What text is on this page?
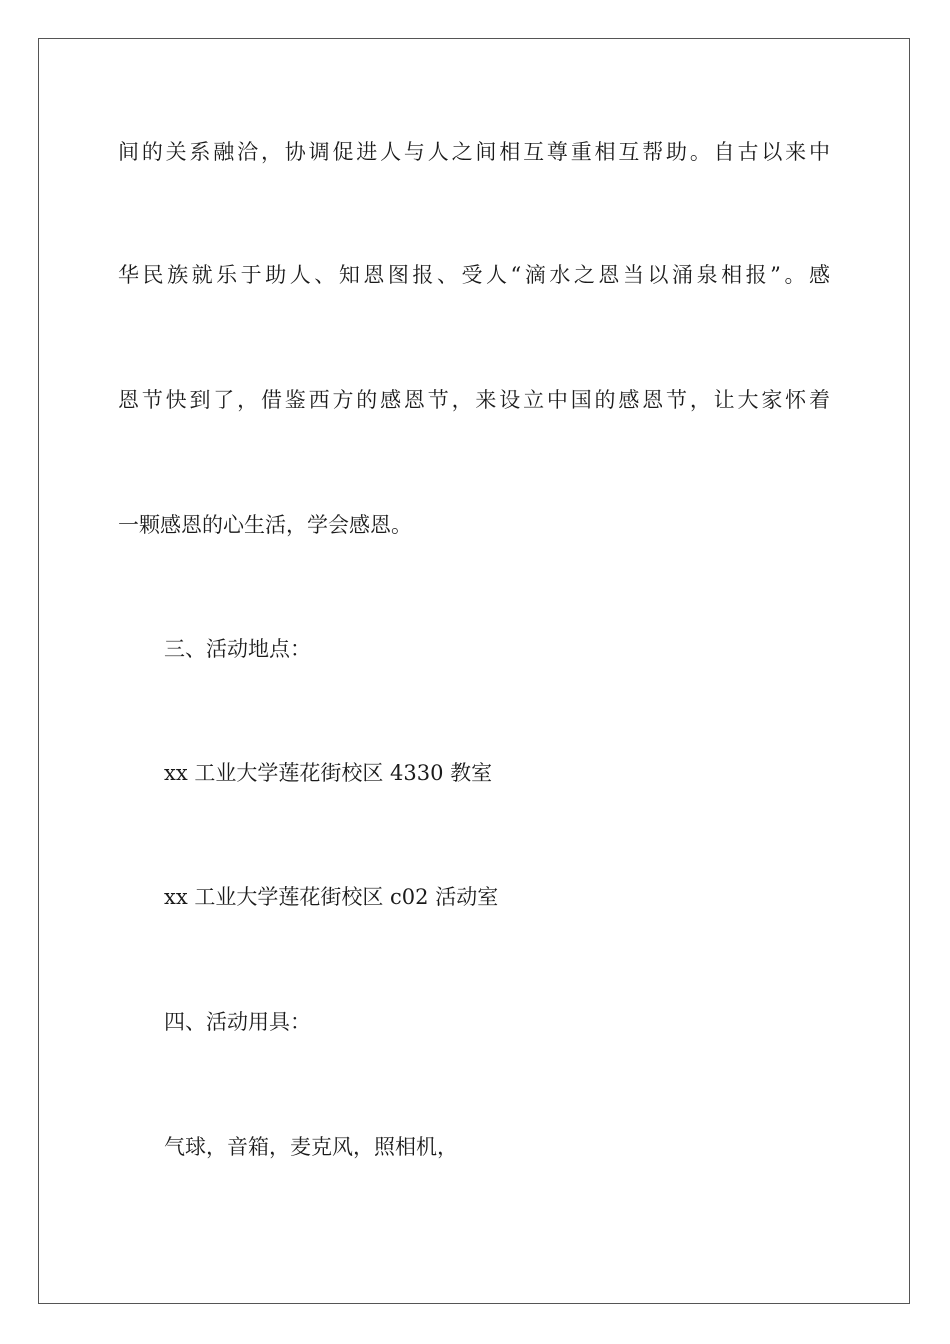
间的关系融洽，协调促进人与人之间相互尊重相互帮助。自古以来中
华民族就乐于助人、知恩图报、受人“滴水之恩当以涌泉相报”。感
恩节快到了，借鉴西方的感恩节，来设立中国的感恩节，让大家怀着
一颗感恩的心生活，学会感恩。
三、活动地点：
xx 工业大学莲花街校区 4330 教室
xx 工业大学莲花街校区 c02 活动室
四、活动用具：
气球，音箱，麦克风，照相机，
